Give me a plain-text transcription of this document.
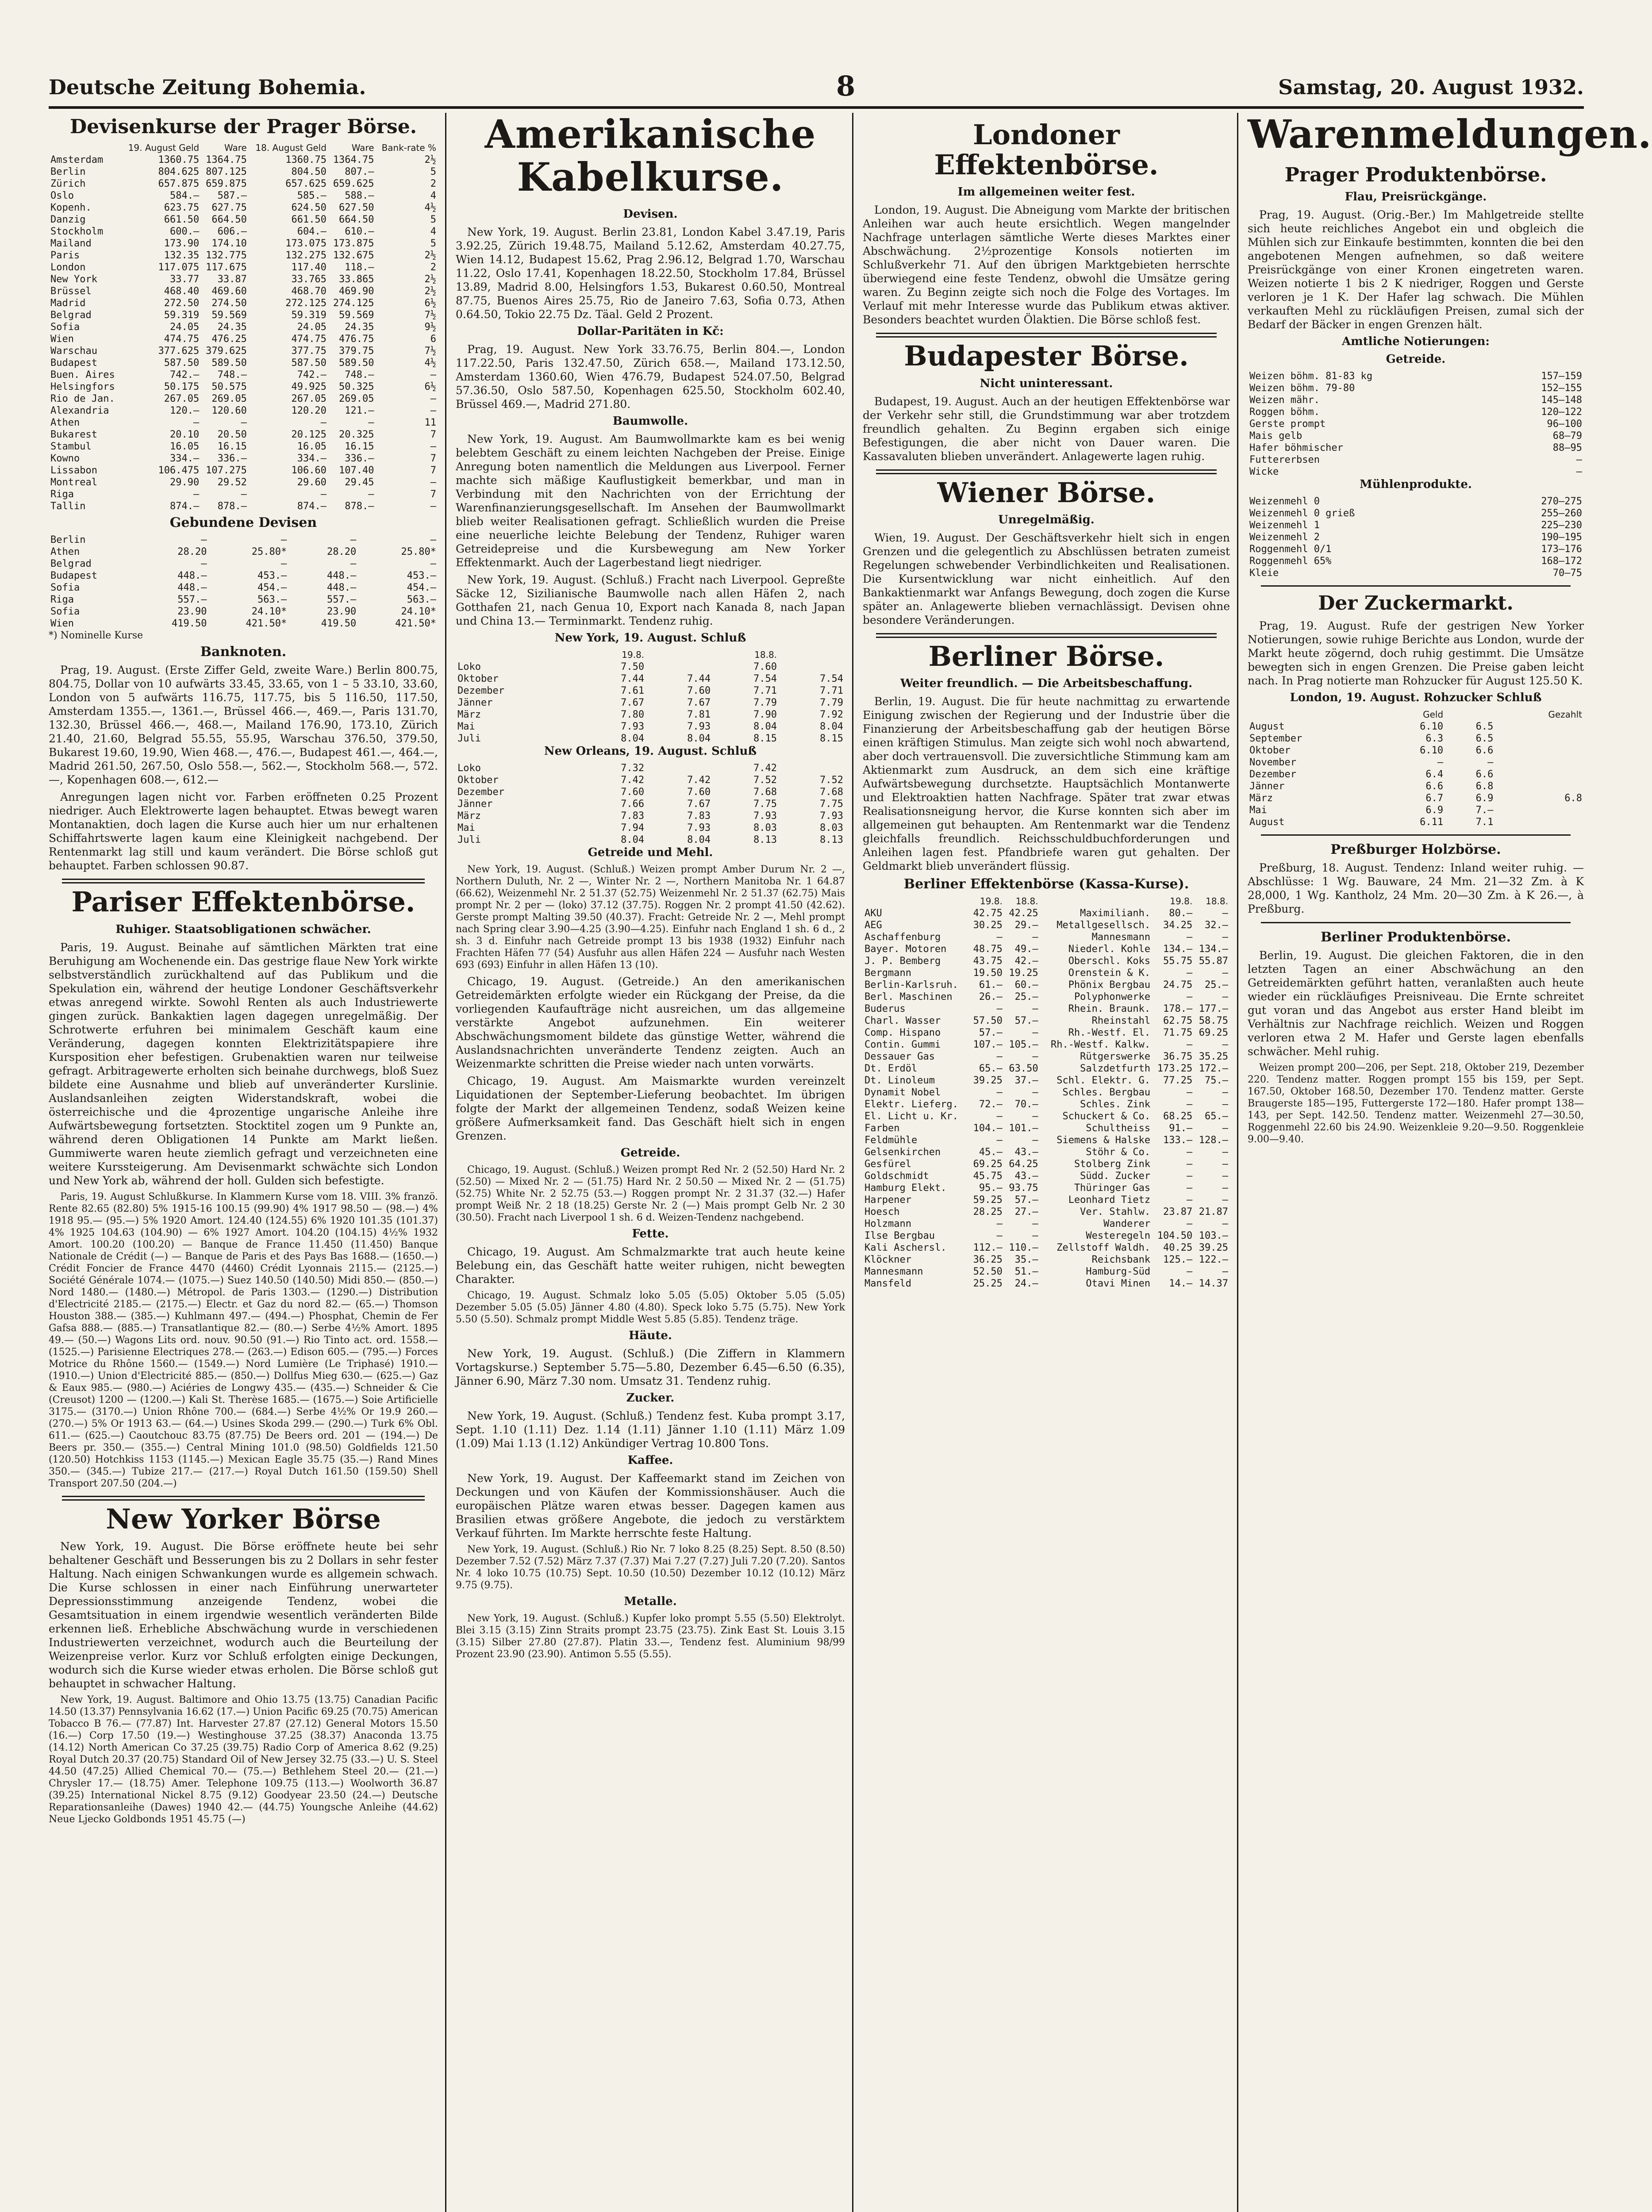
Deutsche Zeitung Bohemia.	8	Samstag, 20. August 1932.
Devisenkurse der Prager Börse.
	19. August Geld	Ware	18. August Geld	Ware	Bank-rate %
Amsterdam	1360.75	1364.75	1360.75	1364.75	2½
Berlin	804.625	807.125	804.50	807.—	5
Zürich	657.875	659.875	657.625	659.625	2
Oslo	584.—	587.—	585.—	588.—	4
Kopenh.	623.75	627.75	624.50	627.50	4½
Danzig	661.50	664.50	661.50	664.50	5
Stockholm	600.—	606.—	604.—	610.—	4
Mailand	173.90	174.10	173.075	173.875	5
Paris	132.35	132.775	132.275	132.675	2½
London	117.075	117.675	117.40	118.—	2
New York	33.77	33.87	33.765	33.865	2½
Brüssel	468.40	469.60	468.70	469.90	2½
Madrid	272.50	274.50	272.125	274.125	6½
Belgrad	59.319	59.569	59.319	59.569	7½
Sofia	24.05	24.35	24.05	24.35	9½
Wien	474.75	476.25	474.75	476.75	6
Warschau	377.625	379.625	377.75	379.75	7½
Budapest	587.50	589.50	587.50	589.50	4½
Buen. Aires	742.—	748.—	742.—	748.—	—
Helsingfors	50.175	50.575	49.925	50.325	6½
Rio de Jan.	267.05	269.05	267.05	269.05	—
Alexandria	120.—	120.60	120.20	121.—	—
Athen	—	—	—	—	11
Bukarest	20.10	20.50	20.125	20.325	7
Stambul	16.05	16.15	16.05	16.15	—
Kowno	334.—	336.—	334.—	336.—	7
Lissabon	106.475	107.275	106.60	107.40	7
Montreal	29.90	29.52	29.60	29.45	—
Riga	—	—	—	—	7
Tallin	874.—	878.—	874.—	878.—	—
Gebundene Devisen
Berlin	—	—	—	—
Athen	28.20	25.80*	28.20	25.80*
Belgrad	—	—	—	—
Budapest	448.—	453.—	448.—	453.—
Sofia	448.—	454.—	448.—	454.—
Riga	557.—	563.—	557.—	563.—
Sofia	23.90	24.10*	23.90	24.10*
Wien	419.50	421.50*	419.50	421.50*
*) Nominelle Kurse
Banknoten.

Prag, 19. August. (Erste Ziffer Geld, zweite Ware.) Berlin 800.75, 804.75, Dollar von 10 aufwärts 33.45, 33.65, von 1 – 5 33.10, 33.60, London von 5 aufwärts 116.75, 117.75, bis 5 116.50, 117.50, Amsterdam 1355.—, 1361.—, Brüssel 466.—, 469.—, Paris 131.70, 132.30, Brüssel 466.—, 468.—, Mailand 176.90, 173.10, Zürich 21.40, 21.60, Belgrad 55.55, 55.95, Warschau 376.50, 379.50, Bukarest 19.60, 19.90, Wien 468.—, 476.—, Budapest 461.—, 464.—, Madrid 261.50, 267.50, Oslo 558.—, 562.—, Stockholm 568.—, 572.—, Kopenhagen 608.—, 612.—

Anregungen lagen nicht vor. Farben eröffneten 0.25 Prozent niedriger. Auch Elektrowerte lagen behauptet. Etwas bewegt waren Montanaktien, doch lagen die Kurse auch hier um nur erhaltenen Schiffahrtswerte lagen kaum eine Kleinigkeit nachgebend. Der Rentenmarkt lag still und kaum verändert. Die Börse schloß gut behauptet. Farben schlossen 90.87.

Pariser Effektenbörse.
Ruhiger. Staatsobligationen schwächer.

Paris, 19. August. Beinahe auf sämtlichen Märkten trat eine Beruhigung am Wochenende ein. Das gestrige flaue New York wirkte selbstverständlich zurückhaltend auf das Publikum und die Spekulation ein, während der heutige Londoner Geschäftsverkehr etwas anregend wirkte. Sowohl Renten als auch Industriewerte gingen zurück. Bankaktien lagen dagegen unregelmäßig. Der Schrotwerte erfuhren bei minimalem Geschäft kaum eine Veränderung, dagegen konnten Elektrizitätspapiere ihre Kursposition eher befestigen. Grubenaktien waren nur teilweise gefragt. Arbitragewerte erholten sich beinahe durchwegs, bloß Suez bildete eine Ausnahme und blieb auf unveränderter Kurslinie. Auslandsanleihen zeigten Widerstandskraft, wobei die österreichische und die 4prozentige ungarische Anleihe ihre Aufwärtsbewegung fortsetzten. Stocktitel zogen um 9 Punkte an, während deren Obligationen 14 Punkte am Markt ließen. Gummiwerte waren heute ziemlich gefragt und verzeichneten eine weitere Kurssteigerung. Am Devisenmarkt schwächte sich London und New York ab, während der holl. Gulden sich befestigte.

Paris, 19. August Schlußkurse. In Klammern Kurse vom 18. VIII. 3% franzö. Rente 82.65 (82.80) 5% 1915-16 100.15 (99.90) 4% 1917 98.50 — (98.—) 4% 1918 95.— (95.—) 5% 1920 Amort. 124.40 (124.55) 6% 1920 101.35 (101.37) 4% 1925 104.63 (104.90) — 6% 1927 Amort. 104.20 (104.15) 4½% 1932 Amort. 100.20 (100.20) — Banque de France 11.450 (11.450) Banque Nationale de Crédit (—) — Banque de Paris et des Pays Bas 1688.— (1650.—) Crédit Foncier de France 4470 (4460) Crédit Lyonnais 2115.— (2125.—) Société Générale 1074.— (1075.—) Suez 140.50 (140.50) Midi 850.— (850.—) Nord 1480.— (1480.—) Métropol. de Paris 1303.— (1290.—) Distribution d'Electricité 2185.— (2175.—) Electr. et Gaz du nord 82.— (65.—) Thomson Houston 388.— (385.—) Kuhlmann 497.— (494.—) Phosphat, Chemin de Fer Gafsa 888.— (885.—) Transatlantique 82.— (80.—) Serbe 4½% Amort. 1895 49.— (50.—) Wagons Lits ord. nouv. 90.50 (91.—) Rio Tinto act. ord. 1558.— (1525.—) Parisienne Electriques 278.— (263.—) Edison 605.— (795.—) Forces Motrice du Rhône 1560.— (1549.—) Nord Lumière (Le Triphasé) 1910.— (1910.—) Union d'Electricité 885.— (850.—) Dollfus Mieg 630.— (625.—) Gaz & Eaux 985.— (980.—) Aciéries de Longwy 435.— (435.—) Schneider & Cie (Creusot) 1200 — (1200.—) Kali St. Therèse 1685.— (1675.—) Soie Artificielle 3175.— (3170.—) Union Rhône 700.— (684.—) Serbe 4½% Or 19.9 260.— (270.—) 5% Or 1913 63.— (64.—) Usines Skoda 299.— (290.—) Turk 6% Obl. 611.— (625.—) Caoutchouc 83.75 (87.75) De Beers ord. 201 — (194.—) De Beers pr. 350.— (355.—) Central Mining 101.0 (98.50) Goldfields 121.50 (120.50) Hotchkiss 1153 (1145.—) Mexican Eagle 35.75 (35.—) Rand Mines 350.— (345.—) Tubize 217.— (217.—) Royal Dutch 161.50 (159.50) Shell Transport 207.50 (204.—)

New Yorker Börse

New York, 19. August. Die Börse eröffnete heute bei sehr behaltener Geschäft und Besserungen bis zu 2 Dollars in sehr fester Haltung. Nach einigen Schwankungen wurde es allgemein schwach. Die Kurse schlossen in einer nach Einführung unerwarteter Depressionsstimmung anzeigende Tendenz, wobei die Gesamtsituation in einem irgendwie wesentlich veränderten Bilde erkennen ließ. Erhebliche Abschwächung wurde in verschiedenen Industriewerten verzeichnet, wodurch auch die Beurteilung der Weizenpreise verlor. Kurz vor Schluß erfolgten einige Deckungen, wodurch sich die Kurse wieder etwas erholen. Die Börse schloß gut behauptet in schwacher Haltung.

New York, 19. August. Baltimore and Ohio 13.75 (13.75) Canadian Pacific 14.50 (13.37) Pennsylvania 16.62 (17.—) Union Pacific 69.25 (70.75) American Tobacco B 76.— (77.87) Int. Harvester 27.87 (27.12) General Motors 15.50 (16.—) Corp 17.50 (19.—) Westinghouse 37.25 (38.37) Anaconda 13.75 (14.12) North American Co 37.25 (39.75) Radio Corp of America 8.62 (9.25) Royal Dutch 20.37 (20.75) Standard Oil of New Jersey 32.75 (33.—) U. S. Steel 44.50 (47.25) Allied Chemical 70.— (75.—) Bethlehem Steel 20.— (21.—) Chrysler 17.— (18.75) Amer. Telephone 109.75 (113.—) Woolworth 36.87 (39.25) International Nickel 8.75 (9.12) Goodyear 23.50 (24.—) Deutsche Reparationsanleihe (Dawes) 1940 42.— (44.75) Youngsche Anleihe (44.62) Neue Ljecko Goldbonds 1951 45.75 (—)

Amerikanische Kabelkurse.
Devisen.

New York, 19. August. Berlin 23.81, London Kabel 3.47.19, Paris 3.92.25, Zürich 19.48.75, Mailand 5.12.62, Amsterdam 40.27.75, Wien 14.12, Budapest 15.62, Prag 2.96.12, Belgrad 1.70, Warschau 11.22, Oslo 17.41, Kopenhagen 18.22.50, Stockholm 17.84, Brüssel 13.89, Madrid 8.00, Helsingfors 1.53, Bukarest 0.60.50, Montreal 87.75, Buenos Aires 25.75, Rio de Janeiro 7.63, Sofia 0.73, Athen 0.64.50, Tokio 22.75 Dz. Täal. Geld 2 Prozent.

Dollar-Paritäten in Kč:

Prag, 19. August. New York 33.76.75, Berlin 804.—, London 117.22.50, Paris 132.47.50, Zürich 658.—, Mailand 173.12.50, Amsterdam 1360.60, Wien 476.79, Budapest 524.07.50, Belgrad 57.36.50, Oslo 587.50, Kopenhagen 625.50, Stockholm 602.40, Brüssel 469.—, Madrid 271.80.

Baumwolle.

New York, 19. August. Am Baumwollmarkte kam es bei wenig belebtem Geschäft zu einem leichten Nachgeben der Preise. Einige Anregung boten namentlich die Meldungen aus Liverpool. Ferner machte sich mäßige Kauflustigkeit bemerkbar, und man in Verbindung mit den Nachrichten von der Errichtung der Warenfinanzierungsgesellschaft. Im Ansehen der Baumwollmarkt blieb weiter Realisationen gefragt. Schließlich wurden die Preise eine neuerliche leichte Belebung der Tendenz, Ruhiger waren Getreidepreise und die Kursbewegung am New Yorker Effektenmarkt. Auch der Lagerbestand liegt niedriger.

New York, 19. August. (Schluß.) Fracht nach Liverpool. Gepreßte Säcke 12, Sizilianische Baumwolle nach allen Häfen 2, nach Gotthafen 21, nach Genua 10, Export nach Kanada 8, nach Japan und China 13.— Terminmarkt. Tendenz ruhig.

New York, 19. August. Schluß
	19.8.		18.8.	
Loko	7.50		7.60	
Oktober	7.44	7.44	7.54	7.54
Dezember	7.61	7.60	7.71	7.71
Jänner	7.67	7.67	7.79	7.79
März	7.80	7.81	7.90	7.92
Mai	7.93	7.93	8.04	8.04
Juli	8.04	8.04	8.15	8.15
New Orleans, 19. August. Schluß
Loko	7.32		7.42	
Oktober	7.42	7.42	7.52	7.52
Dezember	7.60	7.60	7.68	7.68
Jänner	7.66	7.67	7.75	7.75
März	7.83	7.83	7.93	7.93
Mai	7.94	7.93	8.03	8.03
Juli	8.04	8.04	8.13	8.13
Getreide und Mehl.

New York, 19. August. (Schluß.) Weizen prompt Amber Durum Nr. 2 —, Northern Duluth, Nr. 2 —, Winter Nr. 2 —, Northern Manitoba Nr. 1 64.87 (66.62), Weizenmehl Nr. 2 51.37 (52.75) Weizenmehl Nr. 2 51.37 (62.75) Mais prompt Nr. 2 per — (loko) 37.12 (37.75). Roggen Nr. 2 prompt 41.50 (42.62). Gerste prompt Malting 39.50 (40.37). Fracht: Getreide Nr. 2 —, Mehl prompt nach Spring clear 3.90—4.25 (3.90—4.25). Einfuhr nach England 1 sh. 6 d., 2 sh. 3 d. Einfuhr nach Getreide prompt 13 bis 1938 (1932) Einfuhr nach Frachten Häfen 77 (54) Ausfuhr aus allen Häfen 224 — Ausfuhr nach Westen 693 (693) Einfuhr in allen Häfen 13 (10).

Chicago, 19. August. (Getreide.) An den amerikanischen Getreidemärkten erfolgte wieder ein Rückgang der Preise, da die vorliegenden Kaufaufträge nicht ausreichen, um das allgemeine verstärkte Angebot aufzunehmen. Ein weiterer Abschwächungsmoment bildete das günstige Wetter, während die Auslandsnachrichten unveränderte Tendenz zeigten. Auch an Weizenmarkte schritten die Preise wieder nach unten vorwärts.

Chicago, 19. August. Am Maismarkte wurden vereinzelt Liquidationen der September-Lieferung beobachtet. Im übrigen folgte der Markt der allgemeinen Tendenz, sodaß Weizen keine größere Aufmerksamkeit fand. Das Geschäft hielt sich in engen Grenzen.

Getreide.

Chicago, 19. August. (Schluß.) Weizen prompt Red Nr. 2 (52.50) Hard Nr. 2 (52.50) — Mixed Nr. 2 — (51.75) Hard Nr. 2 50.50 — Mixed Nr. 2 — (51.75) (52.75) White Nr. 2 52.75 (53.—) Roggen prompt Nr. 2 31.37 (32.—) Hafer prompt Weiß Nr. 2 18 (18.25) Gerste Nr. 2 (—) Mais prompt Gelb Nr. 2 30 (30.50). Fracht nach Liverpool 1 sh. 6 d. Weizen-Tendenz nachgebend.

Fette.

Chicago, 19. August. Am Schmalzmarkte trat auch heute keine Belebung ein, das Geschäft hatte weiter ruhigen, nicht bewegten Charakter.

Chicago, 19. August. Schmalz loko 5.05 (5.05) Oktober 5.05 (5.05) Dezember 5.05 (5.05) Jänner 4.80 (4.80). Speck loko 5.75 (5.75). New York 5.50 (5.50). Schmalz prompt Middle West 5.85 (5.85). Tendenz träge.

Häute.

New York, 19. August. (Schluß.) (Die Ziffern in Klammern Vortagskurse.) September 5.75—5.80, Dezember 6.45—6.50 (6.35), Jänner 6.90, März 7.30 nom. Umsatz 31. Tendenz ruhig.

Zucker.

New York, 19. August. (Schluß.) Tendenz fest. Kuba prompt 3.17, Sept. 1.10 (1.11) Dez. 1.14 (1.11) Jänner 1.10 (1.11) März 1.09 (1.09) Mai 1.13 (1.12) Ankündiger Vertrag 10.800 Tons.

Kaffee.

New York, 19. August. Der Kaffeemarkt stand im Zeichen von Deckungen und von Käufen der Kommissionshäuser. Auch die europäischen Plätze waren etwas besser. Dagegen kamen aus Brasilien etwas größere Angebote, die jedoch zu verstärktem Verkauf führten. Im Markte herrschte feste Haltung.

New York, 19. August. (Schluß.) Rio Nr. 7 loko 8.25 (8.25) Sept. 8.50 (8.50) Dezember 7.52 (7.52) März 7.37 (7.37) Mai 7.27 (7.27) Juli 7.20 (7.20). Santos Nr. 4 loko 10.75 (10.75) Sept. 10.50 (10.50) Dezember 10.12 (10.12) März 9.75 (9.75).

Metalle.

New York, 19. August. (Schluß.) Kupfer loko prompt 5.55 (5.50) Elektrolyt. Blei 3.15 (3.15) Zinn Straits prompt 23.75 (23.75). Zink East St. Louis 3.15 (3.15) Silber 27.80 (27.87). Platin 33.—, Tendenz fest. Aluminium 98/99 Prozent 23.90 (23.90). Antimon 5.55 (5.55).

Londoner Effektenbörse.
Im allgemeinen weiter fest.

London, 19. August. Die Abneigung vom Markte der britischen Anleihen war auch heute ersichtlich. Wegen mangelnder Nachfrage unterlagen sämtliche Werte dieses Marktes einer Abschwächung. 2½prozentige Konsols notierten im Schlußverkehr 71. Auf den übrigen Marktgebieten herrschte überwiegend eine feste Tendenz, obwohl die Umsätze gering waren. Zu Beginn zeigte sich noch die Folge des Vortages. Im Verlauf mit mehr Interesse wurde das Publikum etwas aktiver. Besonders beachtet wurden Ölaktien. Die Börse schloß fest.

Budapester Börse.
Nicht uninteressant.

Budapest, 19. August. Auch an der heutigen Effektenbörse war der Verkehr sehr still, die Grundstimmung war aber trotzdem freundlich gehalten. Zu Beginn ergaben sich einige Befestigungen, die aber nicht von Dauer waren. Die Kassavaluten blieben unverändert. Anlagewerte lagen ruhig.

Wiener Börse.
Unregelmäßig.

Wien, 19. August. Der Geschäftsverkehr hielt sich in engen Grenzen und die gelegentlich zu Abschlüssen betraten zumeist Regelungen schwebender Verbindlichkeiten und Realisationen. Die Kursentwicklung war nicht einheitlich. Auf den Bankaktienmarkt war Anfangs Bewegung, doch zogen die Kurse später an. Anlagewerte blieben vernachlässigt. Devisen ohne besondere Veränderungen.

Berliner Börse.
Weiter freundlich. — Die Arbeitsbeschaffung.

Berlin, 19. August. Die für heute nachmittag zu erwartende Einigung zwischen der Regierung und der Industrie über die Finanzierung der Arbeitsbeschaffung gab der heutigen Börse einen kräftigen Stimulus. Man zeigte sich wohl noch abwartend, aber doch vertrauensvoll. Die zuversichtliche Stimmung kam am Aktienmarkt zum Ausdruck, an dem sich eine kräftige Aufwärtsbewegung durchsetzte. Hauptsächlich Montanwerte und Elektroaktien hatten Nachfrage. Später trat zwar etwas Realisationsneigung hervor, die Kurse konnten sich aber im allgemeinen gut behaupten. Am Rentenmarkt war die Tendenz gleichfalls freundlich. Reichsschuldbuchforderungen und Anleihen lagen fest. Pfandbriefe waren gut gehalten. Der Geldmarkt blieb unverändert flüssig.

Berliner Effektenbörse (Kassa-Kurse).
	19.8.	18.8.		19.8.	18.8.
AKU	42.75	42.25	Maximilianh.	80.—	—
AEG	30.25	29.—	Metallgesellsch.	34.25	32.—
Aschaffenburg	—	—	Mannesmann	—	—
Bayer. Motoren	48.75	49.—	Niederl. Kohle	134.—	134.—
J. P. Bemberg	43.75	42.—	Oberschl. Koks	55.75	55.87
Bergmann	19.50	19.25	Orenstein & K.	—	—
Berlin-Karlsruh.	61.—	60.—	Phönix Bergbau	24.75	25.—
Berl. Maschinen	26.—	25.—	Polyphonwerke	—	—
Buderus	—	—	Rhein. Braunk.	178.—	177.—
Charl. Wasser	57.50	57.—	Rheinstahl	62.75	58.75
Comp. Hispano	57.—	—	Rh.-Westf. El.	71.75	69.25
Contin. Gummi	107.—	105.—	Rh.-Westf. Kalkw.	—	—
Dessauer Gas	—	—	Rütgerswerke	36.75	35.25
Dt. Erdöl	65.—	63.50	Salzdetfurth	173.25	172.—
Dt. Linoleum	39.25	37.—	Schl. Elektr. G.	77.25	75.—
Dynamit Nobel	—	—	Schles. Bergbau	—	—
Elektr. Lieferg.	72.—	70.—	Schles. Zink	—	—
El. Licht u. Kr.	—	—	Schuckert & Co.	68.25	65.—
Farben	104.—	101.—	Schultheiss	91.—	—
Feldmühle	—	—	Siemens & Halske	133.—	128.—
Gelsenkirchen	45.—	43.—	Stöhr & Co.	—	—
Gesfürel	69.25	64.25	Stolberg Zink	—	—
Goldschmidt	45.75	43.—	Südd. Zucker	—	—
Hamburg Elekt.	95.—	93.75	Thüringer Gas	—	—
Harpener	59.25	57.—	Leonhard Tietz	—	—
Hoesch	28.25	27.—	Ver. Stahlw.	23.87	21.87
Holzmann	—	—	Wanderer	—	—
Ilse Bergbau	—	—	Westeregeln	104.50	103.—
Kali Aschersl.	112.—	110.—	Zellstoff Waldh.	40.25	39.25
Klöckner	36.25	35.—	Reichsbank	125.—	122.—
Mannesmann	52.50	51.—	Hamburg-Süd	—	—
Mansfeld	25.25	24.—	Otavi Minen	14.—	14.37
Warenmeldungen.
Prager Produktenbörse.
Flau, Preisrückgänge.

Prag, 19. August. (Orig.-Ber.) Im Mahlgetreide stellte sich heute reichliches Angebot ein und obgleich die Mühlen sich zur Einkaufe bestimmten, konnten die bei den angebotenen Mengen aufnehmen, so daß weitere Preisrückgänge von einer Kronen eingetreten waren. Weizen notierte 1 bis 2 K niedriger, Roggen und Gerste verloren je 1 K. Der Hafer lag schwach. Die Mühlen verkauften Mehl zu rückläufigen Preisen, zumal sich der Bedarf der Bäcker in engen Grenzen hält.

Amtliche Notierungen:
Getreide.
Weizen böhm. 81-83 kg	157—159
Weizen böhm. 79-80	152—155
Weizen mähr.	145—148
Roggen böhm.	120—122
Gerste prompt	96—100
Mais gelb	68—79
Hafer böhmischer	88—95
Futtererbsen	—
Wicke	—
Mühlenprodukte.
Weizenmehl 0	270—275
Weizenmehl 0 grieß	255—260
Weizenmehl 1	225—230
Weizenmehl 2	190—195
Roggenmehl 0/1	173—176
Roggenmehl 65%	168—172
Kleie	70—75
Der Zuckermarkt.

Prag, 19. August. Rufe der gestrigen New Yorker Notierungen, sowie ruhige Berichte aus London, wurde der Markt heute zögernd, doch ruhig gestimmt. Die Umsätze bewegten sich in engen Grenzen. Die Preise gaben leicht nach. In Prag notierte man Rohzucker für August 125.50 K.

London, 19. August. Rohzucker Schluß
	Geld		Gezahlt
August	6.10	6.5	
September	6.3	6.5	
Oktober	6.10	6.6	
November	—	—	
Dezember	6.4	6.6	
Jänner	6.6	6.8	
März	6.7	6.9	6.8
Mai	6.9	7.—	
August	6.11	7.1	
Preßburger Holzbörse.

Preßburg, 18. August. Tendenz: Inland weiter ruhig. — Abschlüsse: 1 Wg. Bauware, 24 Mm. 21—32 Zm. à K 28,000, 1 Wg. Kantholz, 24 Mm. 20—30 Zm. à K 26.—, à Preßburg.

Berliner Produktenbörse.

Berlin, 19. August. Die gleichen Faktoren, die in den letzten Tagen an einer Abschwächung an den Getreidemärkten geführt hatten, veranlaßten auch heute wieder ein rückläufiges Preisniveau. Die Ernte schreitet gut voran und das Angebot aus erster Hand bleibt im Verhältnis zur Nachfrage reichlich. Weizen und Roggen verloren etwa 2 M. Hafer und Gerste lagen ebenfalls schwächer. Mehl ruhig.

Weizen prompt 200—206, per Sept. 218, Oktober 219, Dezember 220. Tendenz matter. Roggen prompt 155 bis 159, per Sept. 167.50, Oktober 168.50, Dezember 170. Tendenz matter. Gerste Braugerste 185—195, Futtergerste 172—180. Hafer prompt 138—143, per Sept. 142.50. Tendenz matter. Weizenmehl 27—30.50, Roggenmehl 22.60 bis 24.90. Weizenkleie 9.20—9.50. Roggenkleie 9.00—9.40.
